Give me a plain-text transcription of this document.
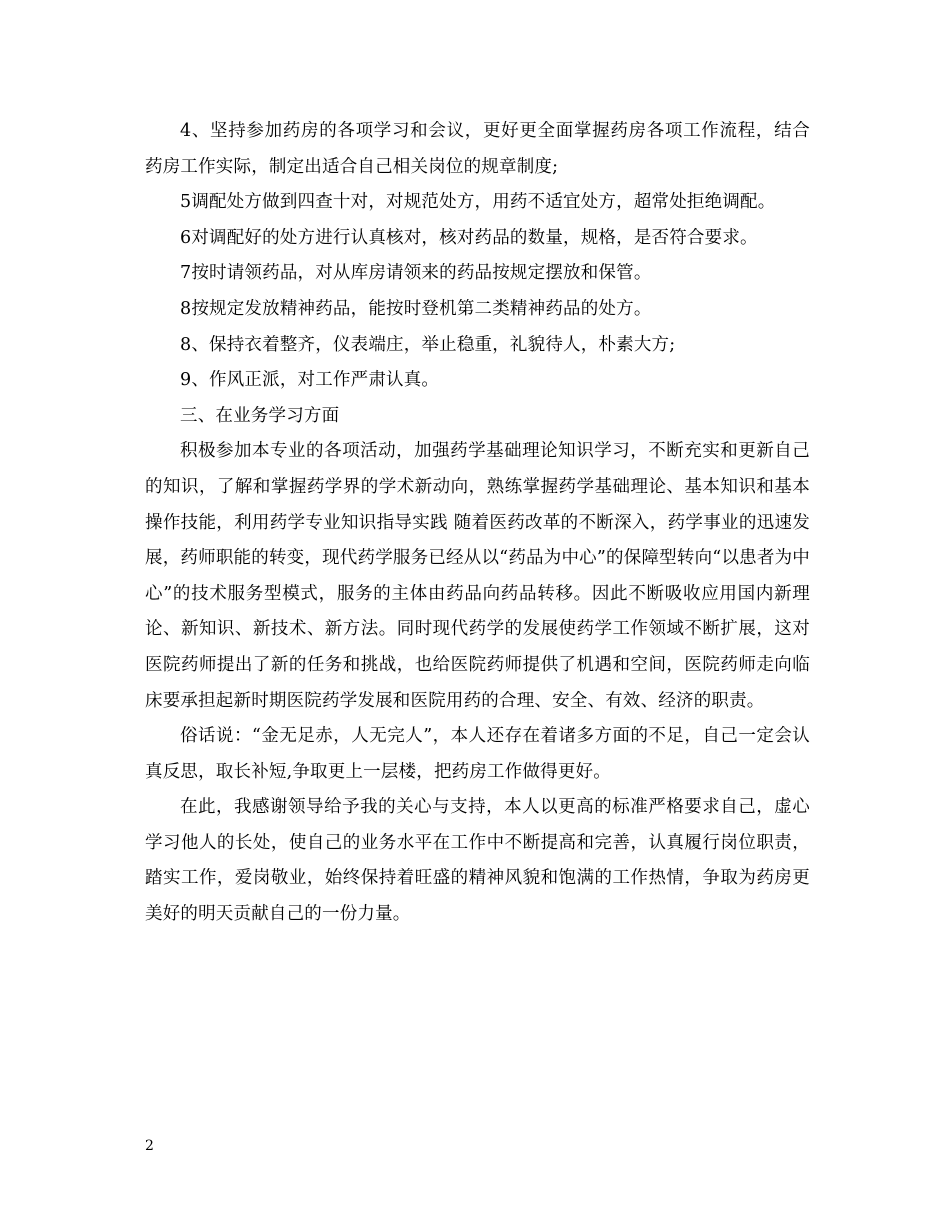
4、坚持参加药房的各项学习和会议，更好更全面掌握药房各项工作流程，结合药房工作实际，制定出适合自己相关岗位的规章制度;

5调配处方做到四查十对，对规范处方，用药不适宜处方，超常处拒绝调配。

6对调配好的处方进行认真核对，核对药品的数量，规格，是否符合要求。

7按时请领药品，对从库房请领来的药品按规定摆放和保管。

8按规定发放精神药品，能按时登机第二类精神药品的处方。

8、保持衣着整齐，仪表端庄，举止稳重，礼貌待人，朴素大方;

9、作风正派，对工作严肃认真。

三、在业务学习方面

积极参加本专业的各项活动，加强药学基础理论知识学习，不断充实和更新自己的知识，了解和掌握药学界的学术新动向，熟练掌握药学基础理论、基本知识和基本操作技能，利用药学专业知识指导实践 随着医药改革的不断深入，药学事业的迅速发展，药师职能的转变，现代药学服务已经从以“药品为中心”的保障型转向“以患者为中心”的技术服务型模式，服务的主体由药品向药品转移。因此不断吸收应用国内新理论、新知识、新技术、新方法。同时现代药学的发展使药学工作领域不断扩展，这对医院药师提出了新的任务和挑战，也给医院药师提供了机遇和空间，医院药师走向临床要承担起新时期医院药学发展和医院用药的合理、安全、有效、经济的职责。

俗话说：“金无足赤，人无完人”，本人还存在着诸多方面的不足，自己一定会认真反思，取长补短,争取更上一层楼，把药房工作做得更好。

在此，我感谢领导给予我的关心与支持，本人以更高的标准严格要求自己，虚心学习他人的长处，使自己的业务水平在工作中不断提高和完善，认真履行岗位职责，踏实工作，爱岗敬业，始终保持着旺盛的精神风貌和饱满的工作热情，争取为药房更美好的明天贡献自己的一份力量。

2
